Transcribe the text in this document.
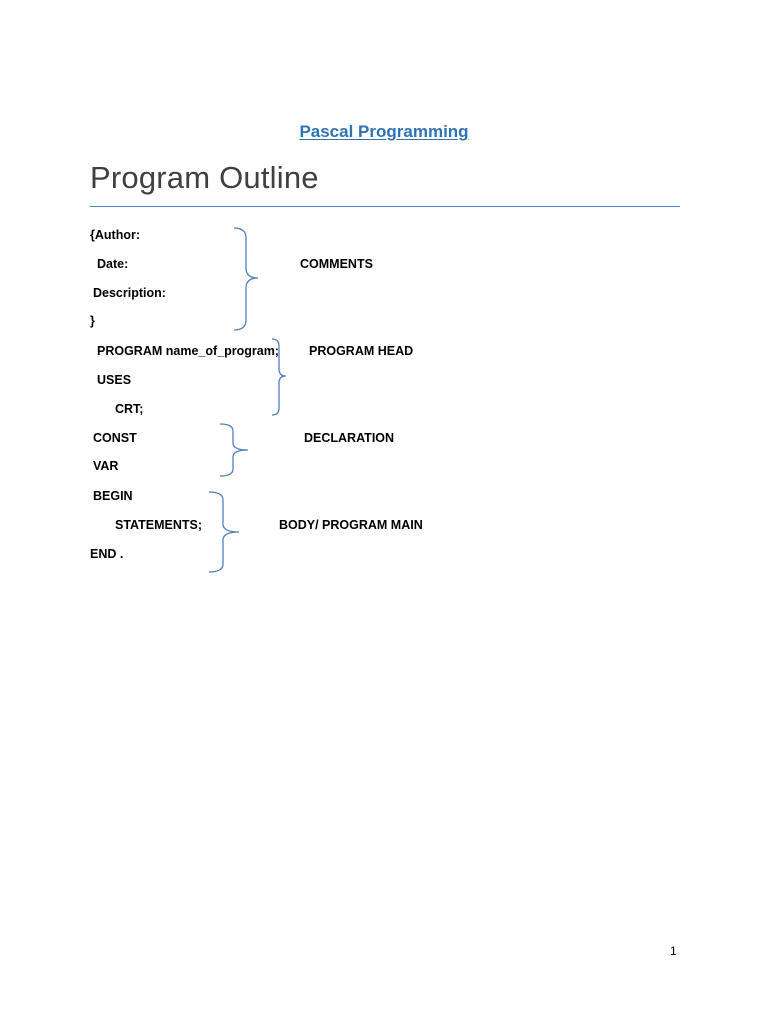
Pascal Programming
Program Outline
{Author:
Date:
Description:
}
PROGRAM name_of_program;
USES
CRT;
CONST
VAR
BEGIN
STATEMENTS;
END .
COMMENTS
PROGRAM HEAD
DECLARATION
BODY/ PROGRAM MAIN
1
